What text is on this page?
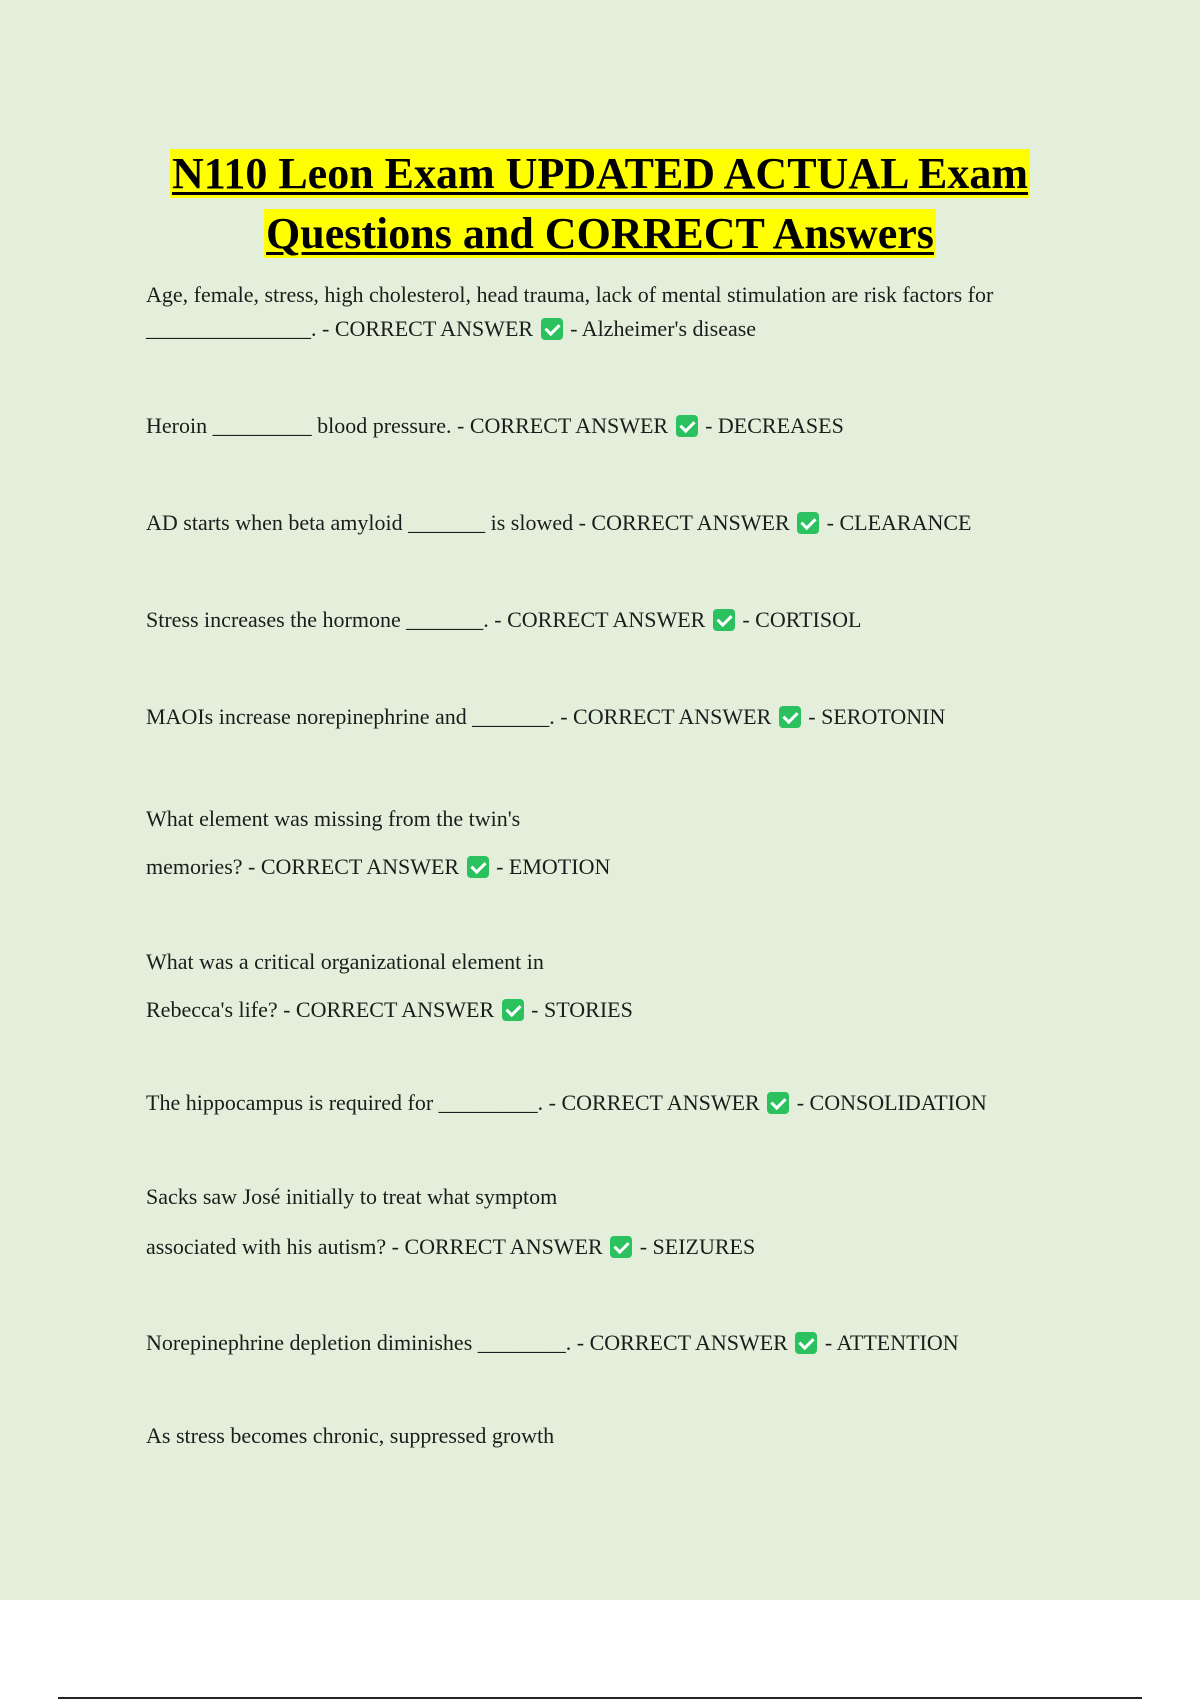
N110 Leon Exam UPDATED ACTUAL Exam
Questions and CORRECT Answers
Age, female, stress, high cholesterol, head trauma, lack of mental stimulation are risk factors for
_______________. - CORRECT ANSWER - Alzheimer's disease
Heroin _________ blood pressure. - CORRECT ANSWER - DECREASES
AD starts when beta amyloid _______ is slowed - CORRECT ANSWER - CLEARANCE
Stress increases the hormone _______. - CORRECT ANSWER - CORTISOL
MAOIs increase norepinephrine and _______. - CORRECT ANSWER - SEROTONIN
What element was missing from the twin's
memories? - CORRECT ANSWER - EMOTION
What was a critical organizational element in
Rebecca's life? - CORRECT ANSWER - STORIES
The hippocampus is required for _________. - CORRECT ANSWER - CONSOLIDATION
Sacks saw José initially to treat what symptom
associated with his autism? - CORRECT ANSWER - SEIZURES
Norepinephrine depletion diminishes ________. - CORRECT ANSWER - ATTENTION
As stress becomes chronic, suppressed growth
